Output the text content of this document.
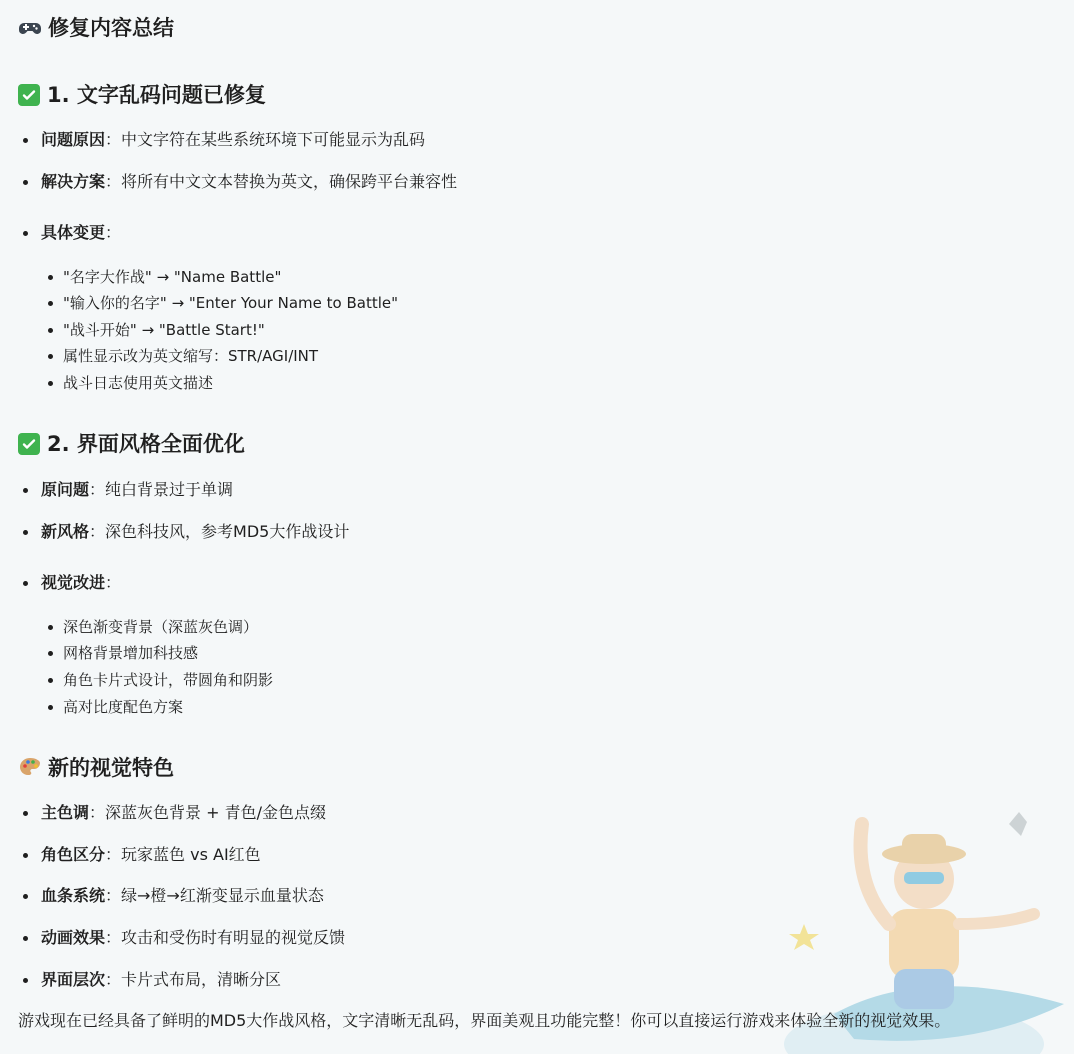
修复内容总结
1. 文字乱码问题已修复
问题原因：中文字符在某些系统环境下可能显示为乱码
解决方案：将所有中文文本替换为英文，确保跨平台兼容性
具体变更：
"名字大作战" → "Name Battle"
"输入你的名字" → "Enter Your Name to Battle"
"战斗开始" → "Battle Start!"
属性显示改为英文缩写：STR/AGI/INT
战斗日志使用英文描述
2. 界面风格全面优化
原问题：纯白背景过于单调
新风格：深色科技风，参考MD5大作战设计
视觉改进：
深色渐变背景（深蓝灰色调）
网格背景增加科技感
角色卡片式设计，带圆角和阴影
高对比度配色方案
新的视觉特色
主色调：深蓝灰色背景 + 青色/金色点缀
角色区分：玩家蓝色 vs AI红色
血条系统：绿→橙→红渐变显示血量状态
动画效果：攻击和受伤时有明显的视觉反馈
界面层次：卡片式布局，清晰分区
游戏现在已经具备了鲜明的MD5大作战风格，文字清晰无乱码，界面美观且功能完整！你可以直接运行游戏来体验全新的视觉效果。
